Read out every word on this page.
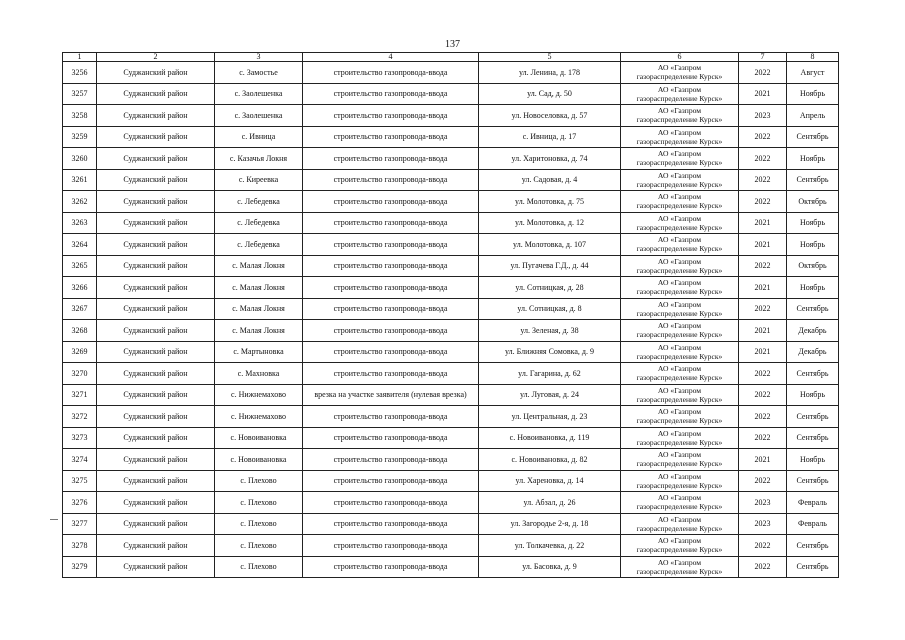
137
1	2	3	4	5	6	7	8
3256	Суджанский район	с. Замостье	строительство газопровода-ввода	ул. Ленина, д. 178	АО «Газпром
газораспределение Курск»	2022	Август
3257	Суджанский район	с. Заолешенка	строительство газопровода-ввода	ул. Сад, д. 50	АО «Газпром
газораспределение Курск»	2021	Ноябрь
3258	Суджанский район	с. Заолешенка	строительство газопровода-ввода	ул. Новоселовка, д. 57	АО «Газпром
газораспределение Курск»	2023	Апрель
3259	Суджанский район	с. Ивница	строительство газопровода-ввода	с. Ивница, д. 17	АО «Газпром
газораспределение Курск»	2022	Сентябрь
3260	Суджанский район	с. Казачья Локня	строительство газопровода-ввода	ул. Харитоновка, д. 74	АО «Газпром
газораспределение Курск»	2022	Ноябрь
3261	Суджанский район	с. Киреевка	строительство газопровода-ввода	ул. Садовая, д. 4	АО «Газпром
газораспределение Курск»	2022	Сентябрь
3262	Суджанский район	с. Лебедевка	строительство газопровода-ввода	ул. Молотовка, д. 75	АО «Газпром
газораспределение Курск»	2022	Октябрь
3263	Суджанский район	с. Лебедевка	строительство газопровода-ввода	ул. Молотовка, д. 12	АО «Газпром
газораспределение Курск»	2021	Ноябрь
3264	Суджанский район	с. Лебедевка	строительство газопровода-ввода	ул. Молотовка, д. 107	АО «Газпром
газораспределение Курск»	2021	Ноябрь
3265	Суджанский район	с. Малая Локня	строительство газопровода-ввода	ул. Пугачева Г.Д., д. 44	АО «Газпром
газораспределение Курск»	2022	Октябрь
3266	Суджанский район	с. Малая Локня	строительство газопровода-ввода	ул. Сотницкая, д. 28	АО «Газпром
газораспределение Курск»	2021	Ноябрь
3267	Суджанский район	с. Малая Локня	строительство газопровода-ввода	ул. Сотницкая, д. 8	АО «Газпром
газораспределение Курск»	2022	Сентябрь
3268	Суджанский район	с. Малая Локня	строительство газопровода-ввода	ул. Зеленая, д. 38	АО «Газпром
газораспределение Курск»	2021	Декабрь
3269	Суджанский район	с. Мартыновка	строительство газопровода-ввода	ул. Ближняя Сомовка, д. 9	АО «Газпром
газораспределение Курск»	2021	Декабрь
3270	Суджанский район	с. Махновка	строительство газопровода-ввода	ул. Гагарина, д. 62	АО «Газпром
газораспределение Курск»	2022	Сентябрь
3271	Суджанский район	с. Нижнемахово	врезка на участке заявителя (нулевая врезка)	ул. Луговая, д. 24	АО «Газпром
газораспределение Курск»	2022	Ноябрь
3272	Суджанский район	с. Нижнемахово	строительство газопровода-ввода	ул. Центральная, д. 23	АО «Газпром
газораспределение Курск»	2022	Сентябрь
3273	Суджанский район	с. Новоивановка	строительство газопровода-ввода	с. Новоивановка, д. 119	АО «Газпром
газораспределение Курск»	2022	Сентябрь
3274	Суджанский район	с. Новоивановка	строительство газопровода-ввода	с. Новоивановка, д. 82	АО «Газпром
газораспределение Курск»	2021	Ноябрь
3275	Суджанский район	с. Плехово	строительство газопровода-ввода	ул. Хареновка, д. 14	АО «Газпром
газораспределение Курск»	2022	Сентябрь
3276	Суджанский район	с. Плехово	строительство газопровода-ввода	ул. Абзал, д. 26	АО «Газпром
газораспределение Курск»	2023	Февраль
3277	Суджанский район	с. Плехово	строительство газопровода-ввода	ул. Загородье 2-я, д. 18	АО «Газпром
газораспределение Курск»	2023	Февраль
3278	Суджанский район	с. Плехово	строительство газопровода-ввода	ул. Толкачевка, д. 22	АО «Газпром
газораспределение Курск»	2022	Сентябрь
3279	Суджанский район	с. Плехово	строительство газопровода-ввода	ул. Басовка, д. 9	АО «Газпром
газораспределение Курск»	2022	Сентябрь
